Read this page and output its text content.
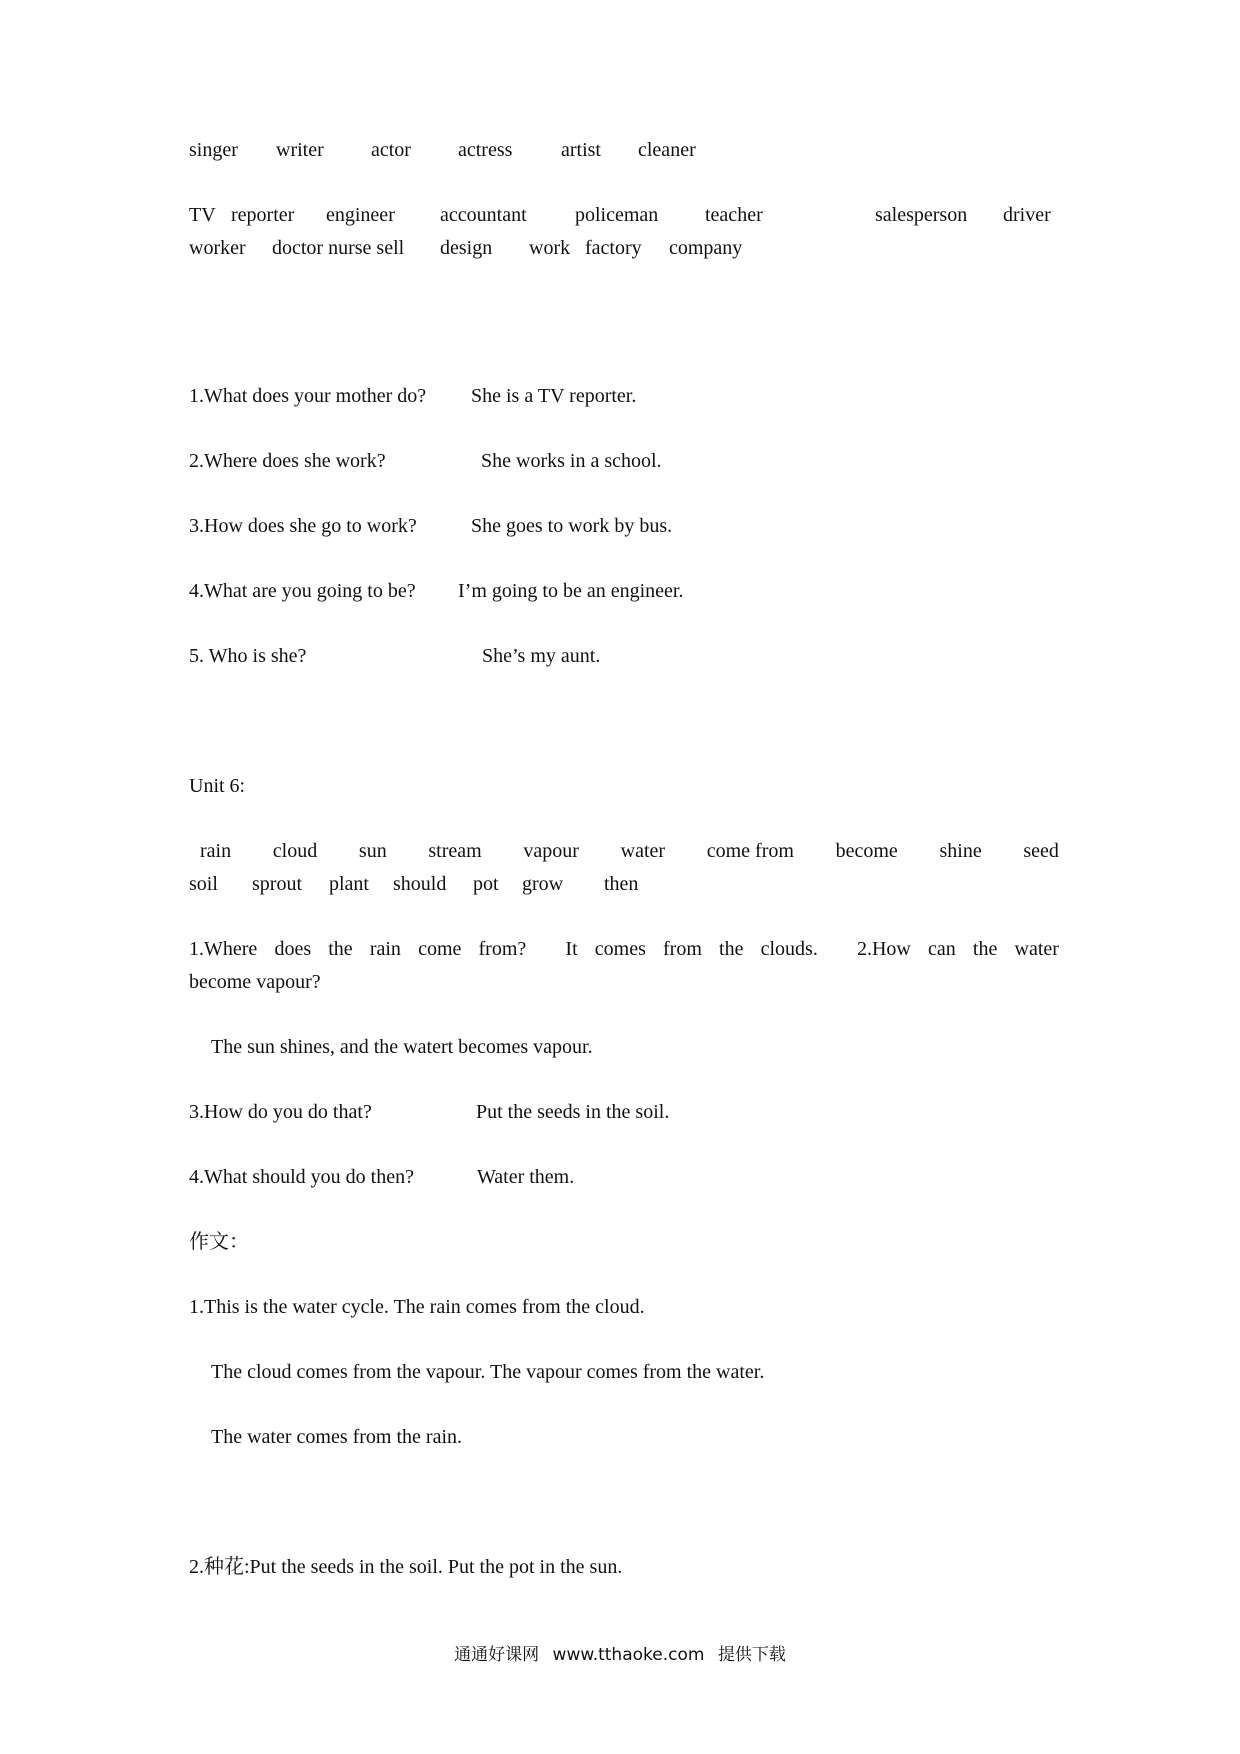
singer	writer	actor	actress	artist	cleaner
TV reporter	engineer	accountant	policeman	teacher	salesperson	driver
worker	doctor nurse sell	design	work factory	company
1.What does your mother do?	She is a TV reporter.
2.Where does she work?	She works in a school.
3.How does she go to work?	She goes to work by bus.
4.What are you going to be?	I’m going to be an engineer.
5. Who is she?	She’s my aunt.
Unit 6:
rain cloud sun stream vapour water come from become shine seed
soil	sprout	plant	should	pot	grow	then
1.Where does the rain come from? It comes from the clouds. 2.How can the water
become vapour?
The sun shines, and the watert becomes vapour.
3.How do you do that?	Put the seeds in the soil.
4.What should you do then?	Water them.
作文：
1.This is the water cycle. The rain comes from the cloud.
The cloud comes from the vapour. The vapour comes from the water.
The water comes from the rain.
2.种花:Put the seeds in the soil. Put the pot in the sun.
通通好课网 www.tthaoke.com 提供下载
